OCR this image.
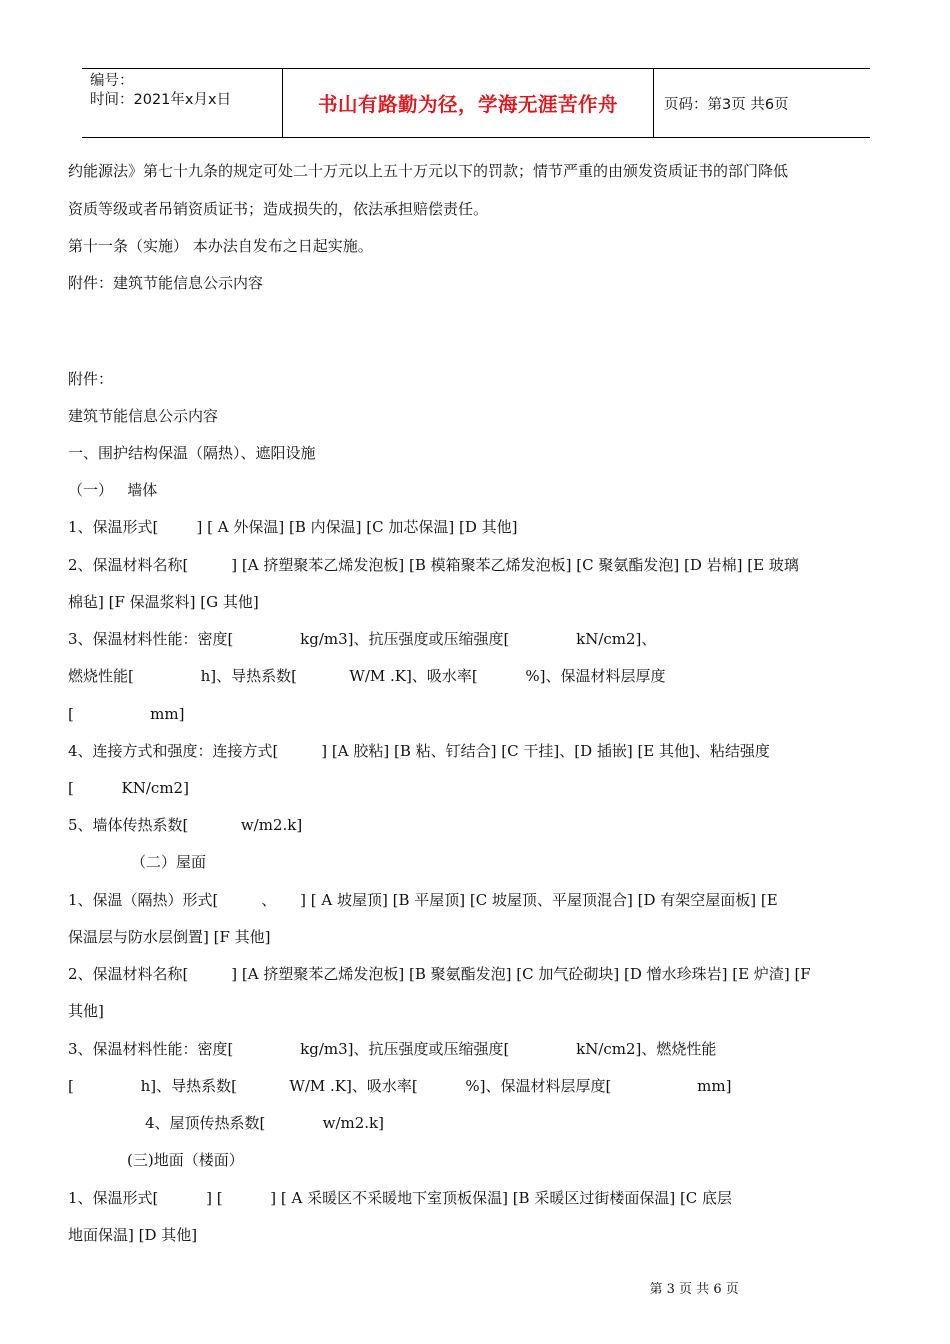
编号：
时间：2021年x月x日	书山有路勤为径，学海无涯苦作舟	页码：第3页 共6页
约能源法》第七十九条的规定可处二十万元以上五十万元以下的罚款；情节严重的由颁发资质证书的部门降低
资质等级或者吊销资质证书；造成损失的，依法承担赔偿责任。
第十一条（实施） 本办法自发布之日起实施。
附件：建筑节能信息公示内容
附件：
建筑节能信息公示内容
一、围护结构保温（隔热）、遮阳设施
（一）   墙体
1、保温形式[        ] [ A 外保温] [B 内保温] [C 加芯保温] [D 其他]
2、保温材料名称[         ] [A 挤塑聚苯乙烯发泡板] [B 模箱聚苯乙烯发泡板] [C 聚氨酯发泡] [D 岩棉] [E 玻璃
棉毡] [F 保温浆料] [G 其他]
3、保温材料性能：密度[              kg/m3]、抗压强度或压缩强度[              kN/cm2]、
燃烧性能[              h]、导热系数[           W/M .K]、吸水率[          %]、保温材料层厚度
[                mm]
4、连接方式和强度：连接方式[         ] [A 胶粘] [B 粘、钉结合] [C 干挂]、[D 插嵌] [E 其他]、粘结强度
[          KN/cm2]
5、墙体传热系数[           w/m2.k]
（二）屋面
1、保温（隔热）形式[         、     ] [ A 坡屋顶] [B 平屋顶] [C 坡屋顶、平屋顶混合] [D 有架空屋面板] [E
保温层与防水层倒置] [F 其他]
2、保温材料名称[         ] [A 挤塑聚苯乙烯发泡板] [B 聚氨酯发泡] [C 加气砼砌块] [D 憎水珍珠岩] [E 炉渣] [F
其他]
3、保温材料性能：密度[              kg/m3]、抗压强度或压缩强度[              kN/cm2]、燃烧性能
[              h]、导热系数[           W/M .K]、吸水率[          %]、保温材料层厚度[                  mm]
4、屋顶传热系数[            w/m2.k]
(三)地面（楼面）
1、保温形式[          ] [          ] [ A 采暖区不采暖地下室顶板保温] [B 采暖区过街楼面保温] [C 底层
地面保温] [D 其他]

第 3 页 共 6 页
